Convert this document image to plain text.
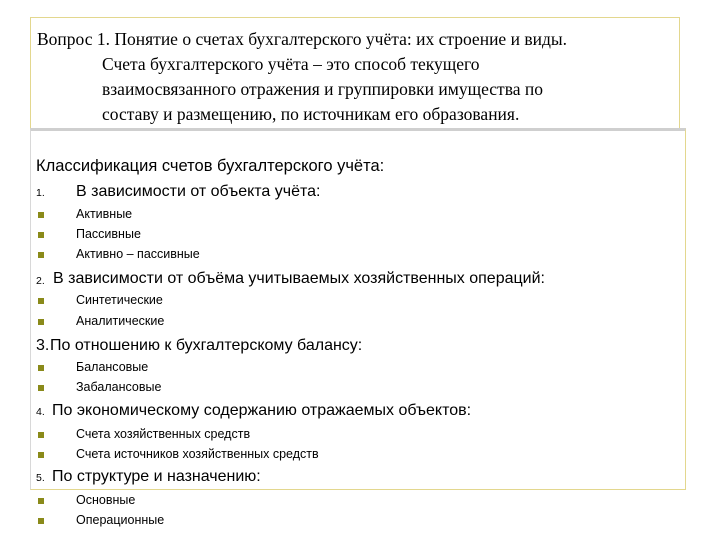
Вопрос 1. Понятие о счетах бухгалтерского учёта: их строение и виды.
Счета бухгалтерского учёта – это способ текущего
взаимосвязанного отражения и группировки имущества по
составу и размещению, по источникам его образования.
Классификация счетов бухгалтерского учёта:
1. В зависимости от объекта учёта:
Активные
Пассивные
Активно – пассивные
2. В зависимости от объёма учитываемых хозяйственных операций:
Синтетические
Аналитические
3. По отношению к бухгалтерскому балансу:
Балансовые
Забалансовые
4. По экономическому содержанию отражаемых объектов:
Счета хозяйственных средств
Счета источников хозяйственных средств
5. По структуре и назначению:
Основные
Операционные
